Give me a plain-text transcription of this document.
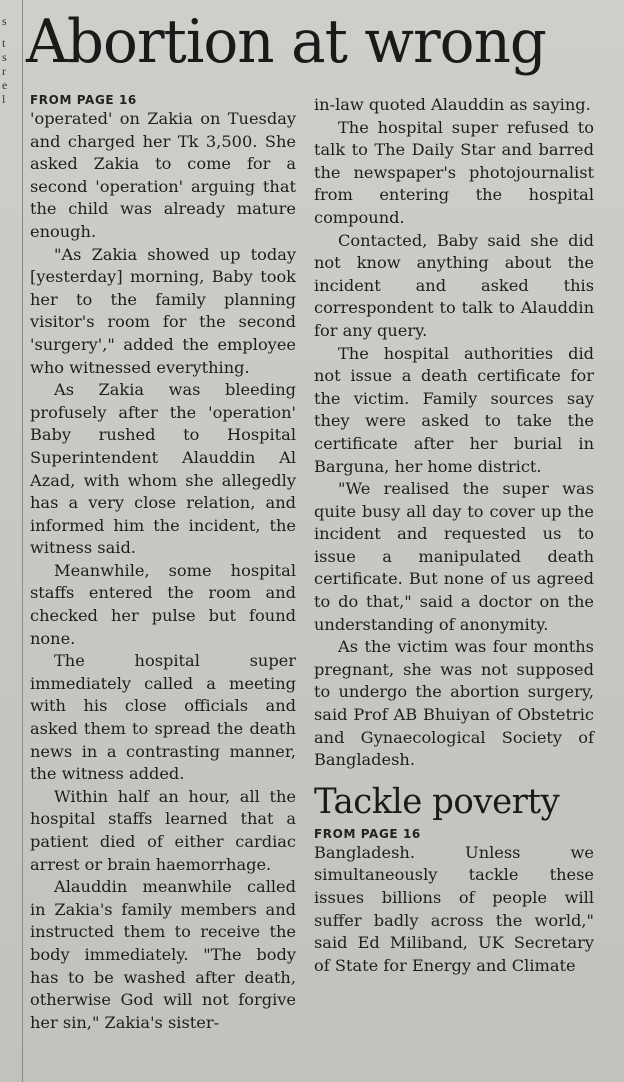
s
t
s
r
e
l
Abortion at wrong
FROM PAGE 16

'operated' on Zakia on Tuesday and charged her Tk 3,500. She asked Zakia to come for a second 'operation' arguing that the child was already mature enough.

"As Zakia showed up today [yesterday] morning, Baby took her to the family planning visitor's room for the second 'surgery'," added the employee who witnessed everything.

As Zakia was bleeding profusely after the 'operation' Baby rushed to Hospital Superintendent Alauddin Al Azad, with whom she allegedly has a very close relation, and informed him the incident, the witness said.

Meanwhile, some hospital staffs entered the room and checked her pulse but found none.

The hospital super immediately called a meeting with his close officials and asked them to spread the death news in a contrasting manner, the witness added.

Within half an hour, all the hospital staffs learned that a patient died of either cardiac arrest or brain haemorrhage.

Alauddin meanwhile called in Zakia's family members and instructed them to receive the body immediately. "The body has to be washed after death, otherwise God will not forgive her sin," Zakia's sister-

in-law quoted Alauddin as saying.

The hospital super refused to talk to The Daily Star and barred the newspaper's photojournalist from entering the hospital compound.

Contacted, Baby said she did not know anything about the incident and asked this correspondent to talk to Alauddin for any query.

The hospital authorities did not issue a death certificate for the victim. Family sources say they were asked to take the certificate after her burial in Barguna, her home district.

"We realised the super was quite busy all day to cover up the incident and requested us to issue a manipulated death certificate. But none of us agreed to do that," said a doctor on the understanding of anonymity.

As the victim was four months pregnant, she was not supposed to undergo the abortion surgery, said Prof AB Bhuiyan of Obstetric and Gynaecological Society of Bangladesh.

Tackle poverty
FROM PAGE 16

Bangladesh. Unless we simultaneously tackle these issues billions of people will suffer badly across the world," said Ed Miliband, UK Secretary of State for Energy and Climate
